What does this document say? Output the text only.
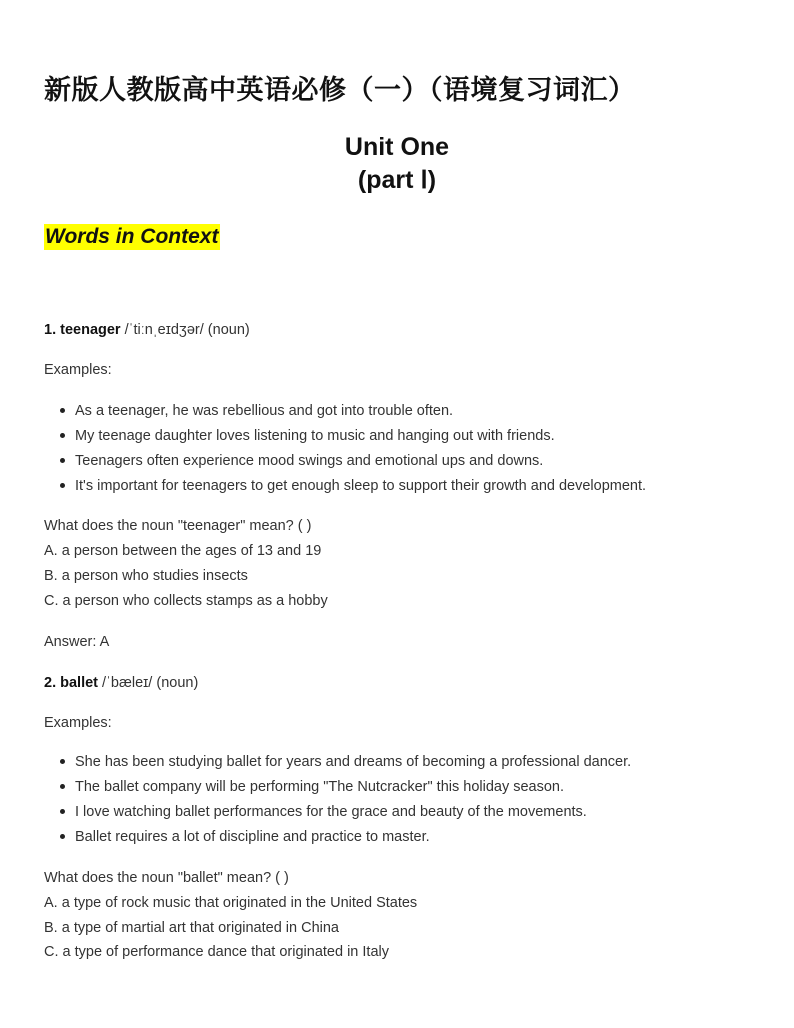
新版人教版高中英语必修（一）（语境复习词汇）
Unit One
(part Ⅰ)
Words in Context
1. teenager /ˈtiːnˌeɪdʒər/ (noun)
Examples:
As a teenager, he was rebellious and got into trouble often.
My teenage daughter loves listening to music and hanging out with friends.
Teenagers often experience mood swings and emotional ups and downs.
It's important for teenagers to get enough sleep to support their growth and development.
What does the noun "teenager" mean? ( )
A. a person between the ages of 13 and 19
B. a person who studies insects
C. a person who collects stamps as a hobby
Answer: A
2. ballet /ˈbæleɪ/ (noun)
Examples:
She has been studying ballet for years and dreams of becoming a professional dancer.
The ballet company will be performing "The Nutcracker" this holiday season.
I love watching ballet performances for the grace and beauty of the movements.
Ballet requires a lot of discipline and practice to master.
What does the noun "ballet" mean? ( )
A. a type of rock music that originated in the United States
B. a type of martial art that originated in China
C. a type of performance dance that originated in Italy
